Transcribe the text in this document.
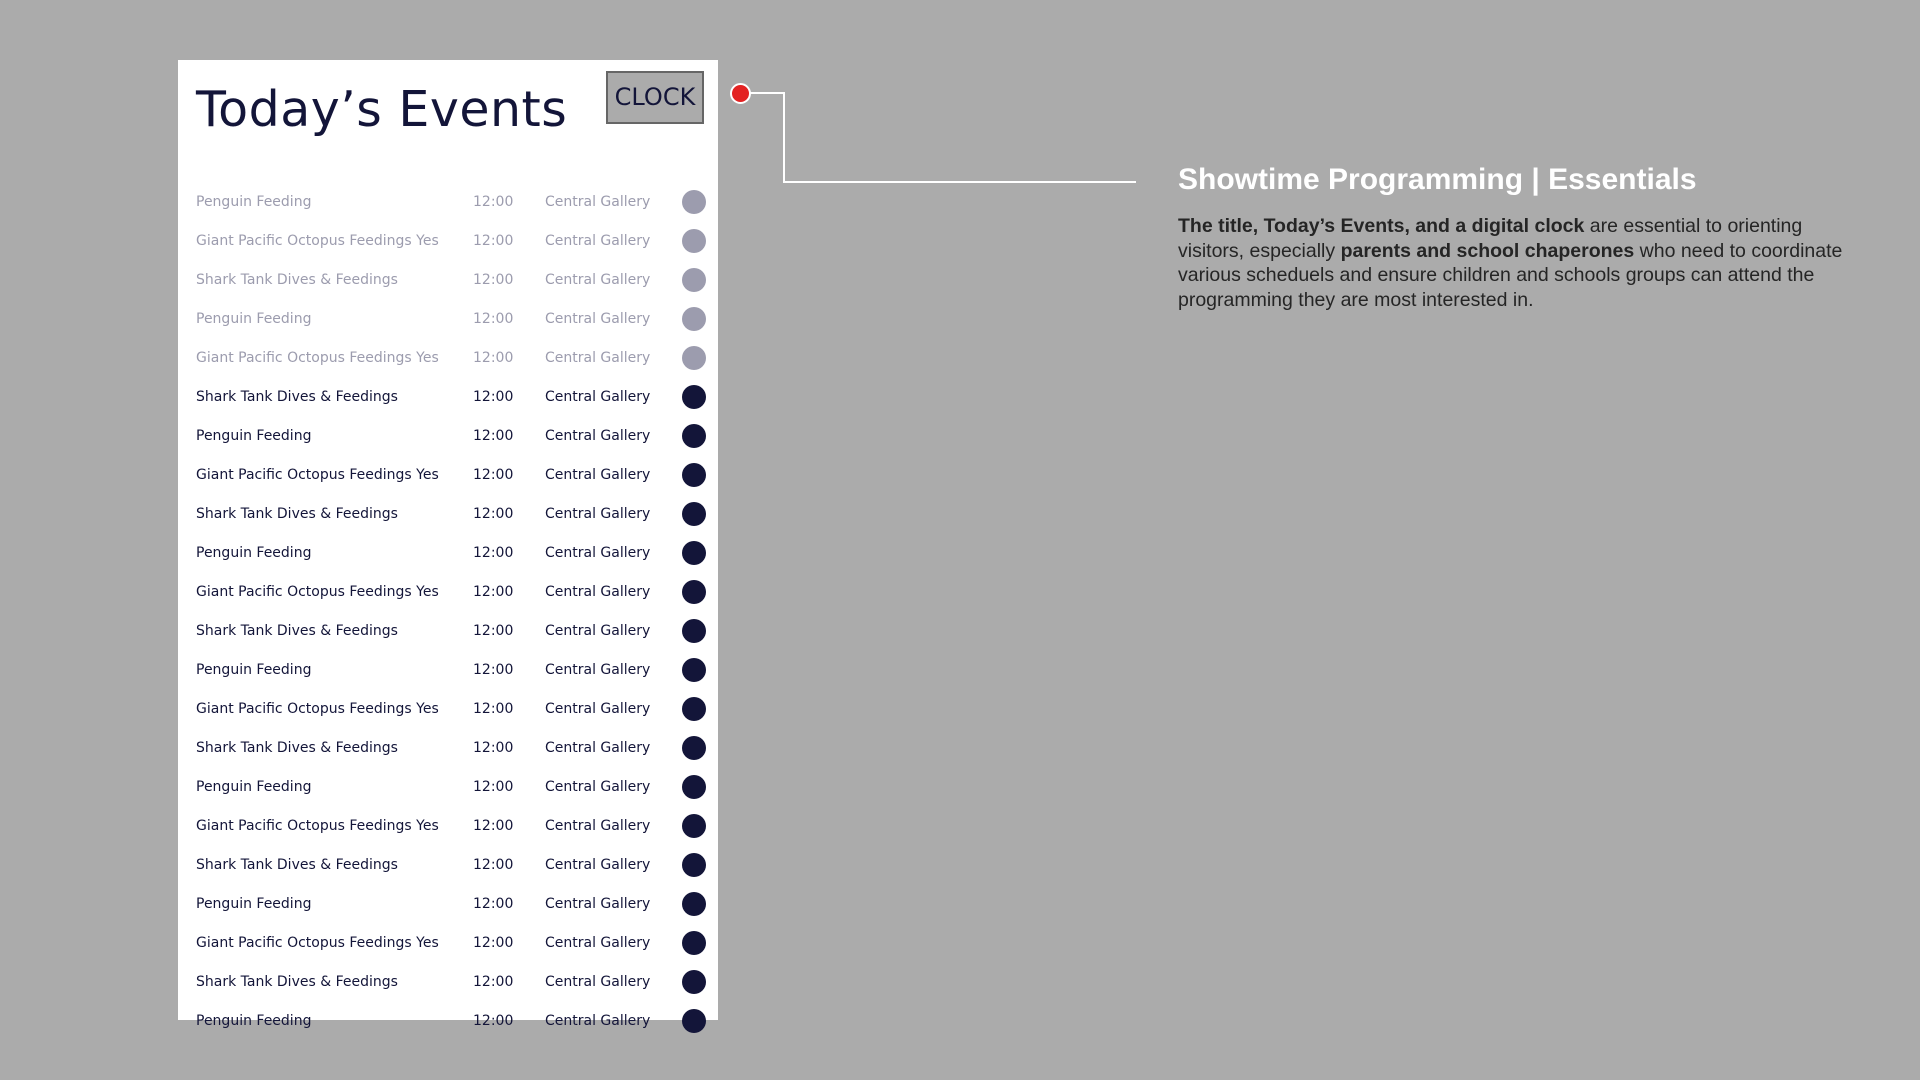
Today’s Events	CLOCK
Penguin Feeding	12:00 Central Gallery
Giant Pacific Octopus Feedings Yes 12:00 Central Gallery
Shark Tank Dives & Feedings	12:00 Central Gallery
Penguin Feeding	12:00 Central Gallery
Giant Pacific Octopus Feedings Yes 12:00 Central Gallery
Shark Tank Dives & Feedings	12:00 Central Gallery
Penguin Feeding	12:00 Central Gallery
Giant Pacific Octopus Feedings Yes 12:00 Central Gallery
Shark Tank Dives & Feedings	12:00 Central Gallery
Penguin Feeding	12:00 Central Gallery
Giant Pacific Octopus Feedings Yes 12:00 Central Gallery
Shark Tank Dives & Feedings	12:00 Central Gallery
Penguin Feeding	12:00 Central Gallery
Giant Pacific Octopus Feedings Yes 12:00 Central Gallery
Shark Tank Dives & Feedings	12:00 Central Gallery
Penguin Feeding	12:00 Central Gallery
Giant Pacific Octopus Feedings Yes 12:00 Central Gallery
Shark Tank Dives & Feedings	12:00 Central Gallery
Penguin Feeding	12:00 Central Gallery
Giant Pacific Octopus Feedings Yes 12:00 Central Gallery
Shark Tank Dives & Feedings	12:00 Central Gallery
Penguin Feeding	12:00 Central Gallery
Showtime Programming | Essentials

The title, Today’s Events, and a digital clock are essential to orienting visitors, especially parents and school chaperones who need to coordinate various scheduels and ensure children and schools groups can attend the programming they are most interested in.
